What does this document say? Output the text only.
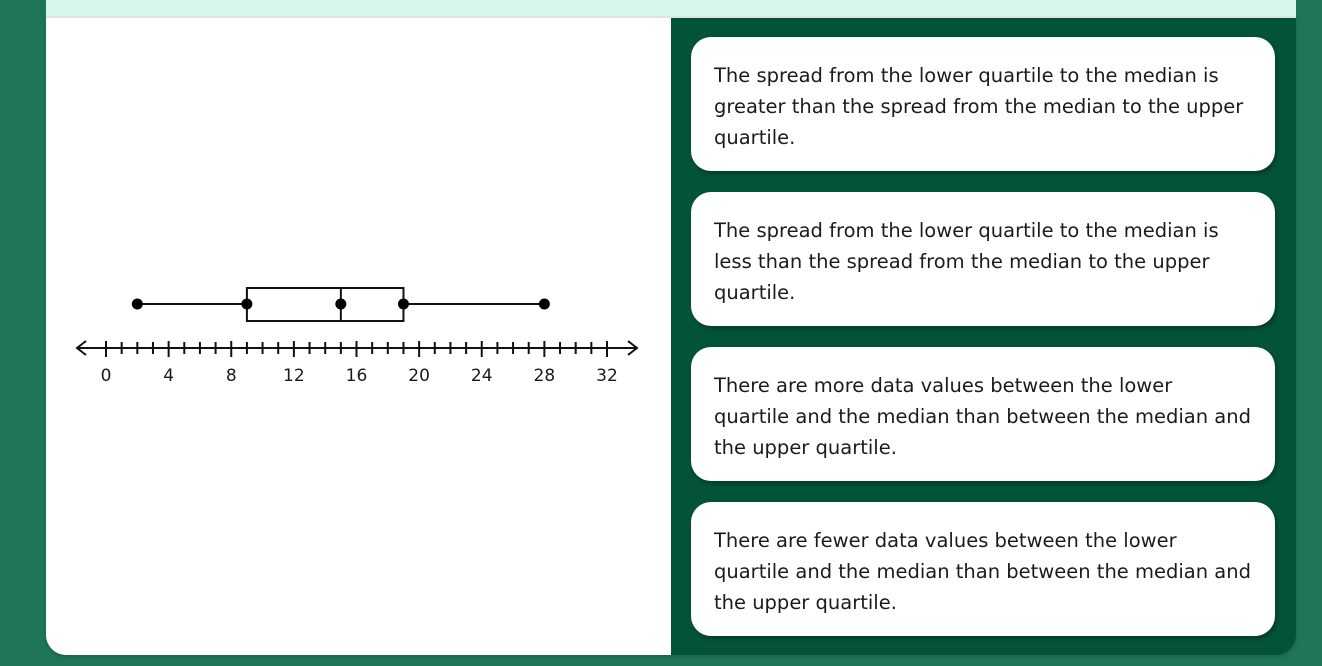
0	4	8	12 16 20 24 28 32
The spread from the lower quartile to the median is greater than the spread from the median to the upper quartile.
The spread from the lower quartile to the median is less than the spread from the median to the upper quartile.
There are more data values between the lower quartile and the median than between the median and the upper quartile.
There are fewer data values between the lower quartile and the median than between the median and the upper quartile.
